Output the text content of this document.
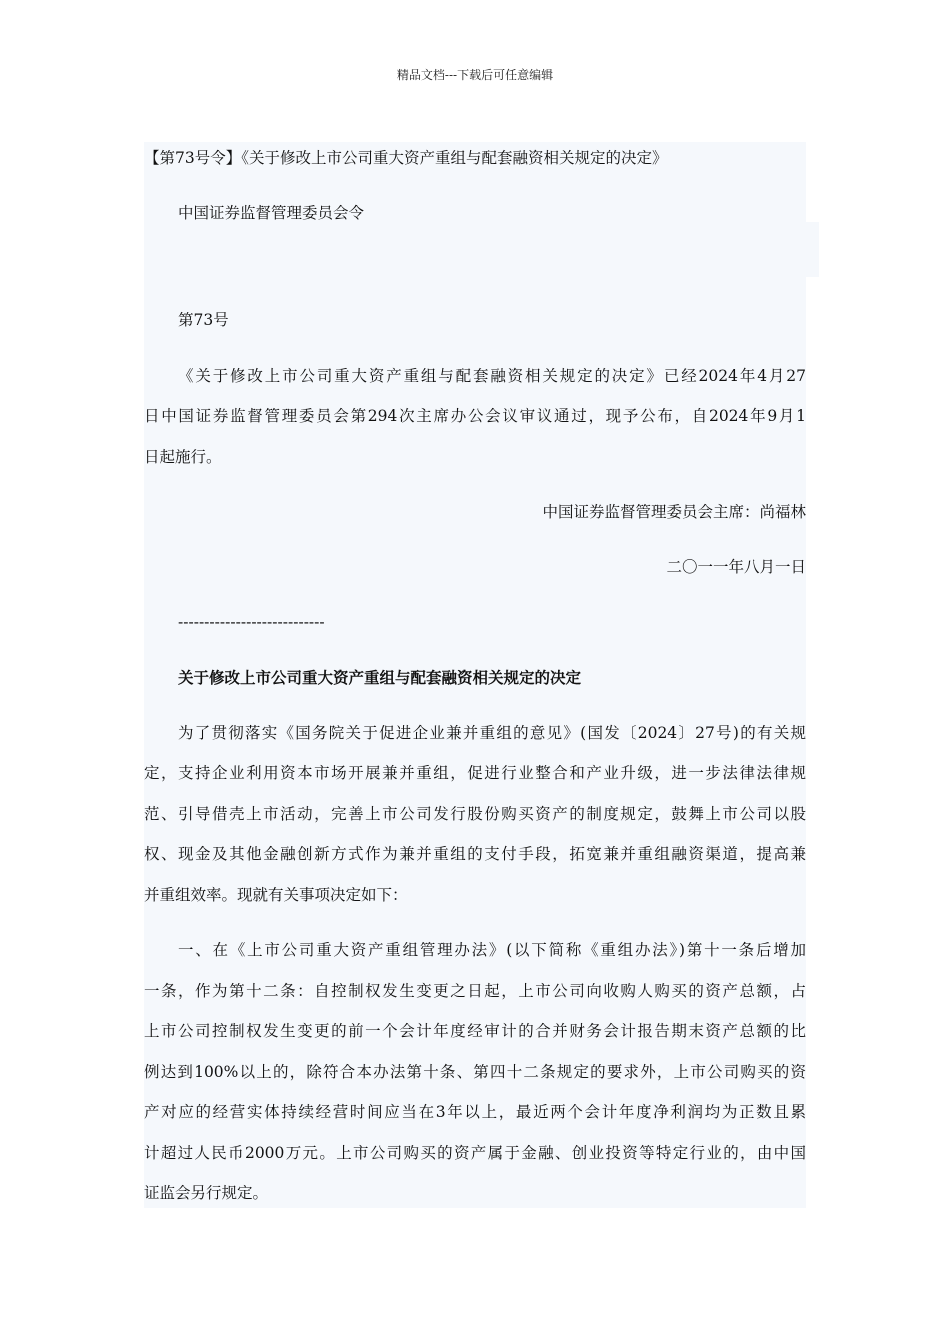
精品文档---下载后可任意编辑
【第73号令】《关于修改上市公司重大资产重组与配套融资相关规定的决定》
中国证券监督管理委员会令
第73号
《关于修改上市公司重大资产重组与配套融资相关规定的决定》已经2024年4月27
日中国证券监督管理委员会第294次主席办公会议审议通过，现予公布，自2024年9月1
日起施行。
中国证券监督管理委员会主席：尚福林
二〇一一年八月一日
----------------------------
关于修改上市公司重大资产重组与配套融资相关规定的决定
为了贯彻落实《国务院关于促进企业兼并重组的意见》(国发〔2024〕27号)的有关规
定，支持企业利用资本市场开展兼并重组，促进行业整合和产业升级，进一步法律法律规
范、引导借壳上市活动，完善上市公司发行股份购买资产的制度规定，鼓舞上市公司以股
权、现金及其他金融创新方式作为兼并重组的支付手段，拓宽兼并重组融资渠道，提高兼
并重组效率。现就有关事项决定如下：
一、在《上市公司重大资产重组管理办法》(以下简称《重组办法》)第十一条后增加
一条，作为第十二条：自控制权发生变更之日起，上市公司向收购人购买的资产总额，占
上市公司控制权发生变更的前一个会计年度经审计的合并财务会计报告期末资产总额的比
例达到100%以上的，除符合本办法第十条、第四十二条规定的要求外，上市公司购买的资
产对应的经营实体持续经营时间应当在3年以上，最近两个会计年度净利润均为正数且累
计超过人民币2000万元。上市公司购买的资产属于金融、创业投资等特定行业的，由中国
证监会另行规定。
